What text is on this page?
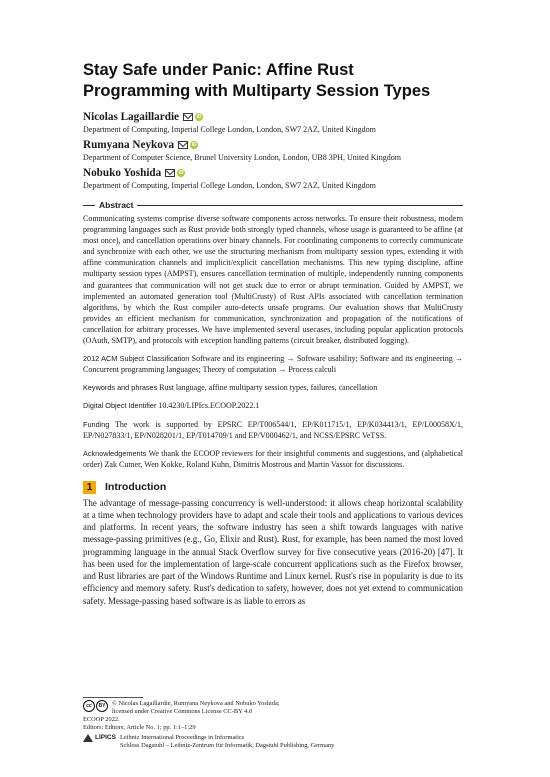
Stay Safe under Panic: Affine Rust Programming with Multiparty Session Types
Nicolas Lagaillardie	iD
Department of Computing, Imperial College London, London, SW7 2AZ, United Kingdom
Rumyana Neykova	iD
Department of Computer Science, Brunel University London, London, UB8 3PH, United Kingdom
Nobuko Yoshida	iD
Department of Computing, Imperial College London, London, SW7 2AZ, United Kingdom
Abstract
Communicating systems comprise diverse software components across networks. To ensure their robustness, modern programming languages such as Rust provide both strongly typed channels, whose usage is guaranteed to be affine (at most once), and cancellation operations over binary channels. For coordinating components to correctly communicate and synchronize with each other, we use the structuring mechanism from multiparty session types, extending it with affine communication channels and implicit/explicit cancellation mechanisms. This new typing discipline, affine multiparty session types (AMPST), ensures cancellation termination of multiple, independently running components and guarantees that communication will not get stuck due to error or abrupt termination. Guided by AMPST, we implemented an automated generation tool (MultiCrusty) of Rust APIs associated with cancellation termination algorithms, by which the Rust compiler auto-detects unsafe programs. Our evaluation shows that MultiCrusty provides an efficient mechanism for communication, synchronization and propagation of the notifications of cancellation for arbitrary processes. We have implemented several usecases, including popular application protocols (OAuth, SMTP), and protocols with exception handling patterns (circuit breaker, distributed logging).
2012 ACM Subject Classification Software and its engineering → Software usability; Software and its engineering → Concurrent programming languages; Theory of computation → Process calculi
Keywords and phrases Rust language, affine multiparty session types, failures, cancellation
Digital Object Identifier 10.4230/LIPIcs.ECOOP.2022.1
Funding The work is supported by EPSRC EP/T006544/1, EP/K011715/1, EP/K034413/1, EP/L00058X/1, EP/N027833/1, EP/N028201/1, EP/T014709/1 and EP/V000462/1, and NCSS/EPSRC VeTSS.
Acknowledgements We thank the ECOOP reviewers for their insightful comments and suggestions, and (alphabetical order) Zak Cutner, Wen Kokke, Roland Kuhn, Dimitris Mostrous and Martin Vassor for discussions.
1	Introduction
The advantage of message-passing concurrency is well-understood: it allows cheap horizontal scalability at a time when technology providers have to adapt and scale their tools and applications to various devices and platforms. In recent years, the software industry has seen a shift towards languages with native message-passing primitives (e.g., Go, Elixir and Rust). Rust, for example, has been named the most loved programming language in the annual Stack Overflow survey for five consecutive years (2016-20) [47]. It has been used for the implementation of large-scale concurrent applications such as the Firefox browser, and Rust libraries are part of the Windows Runtime and Linux kernel. Rust's rise in popularity is due to its efficiency and memory safety. Rust's dedication to safety, however, does not yet extend to communication safety. Message-passing based software is as liable to errors as
cc	BY	© Nicolas Lagaillardie, Rumyana Neykova and Nobuko Yoshida;
licensed under Creative Commons License CC-BY 4.0
ECOOP 2022.
Editors: Editors; Article No. 1; pp. 1:1–1:29
LIPICS Leibniz International Proceedings in Informatics
Schloss Dagstuhl – Leibniz-Zentrum für Informatik, Dagstuhl Publishing, Germany
